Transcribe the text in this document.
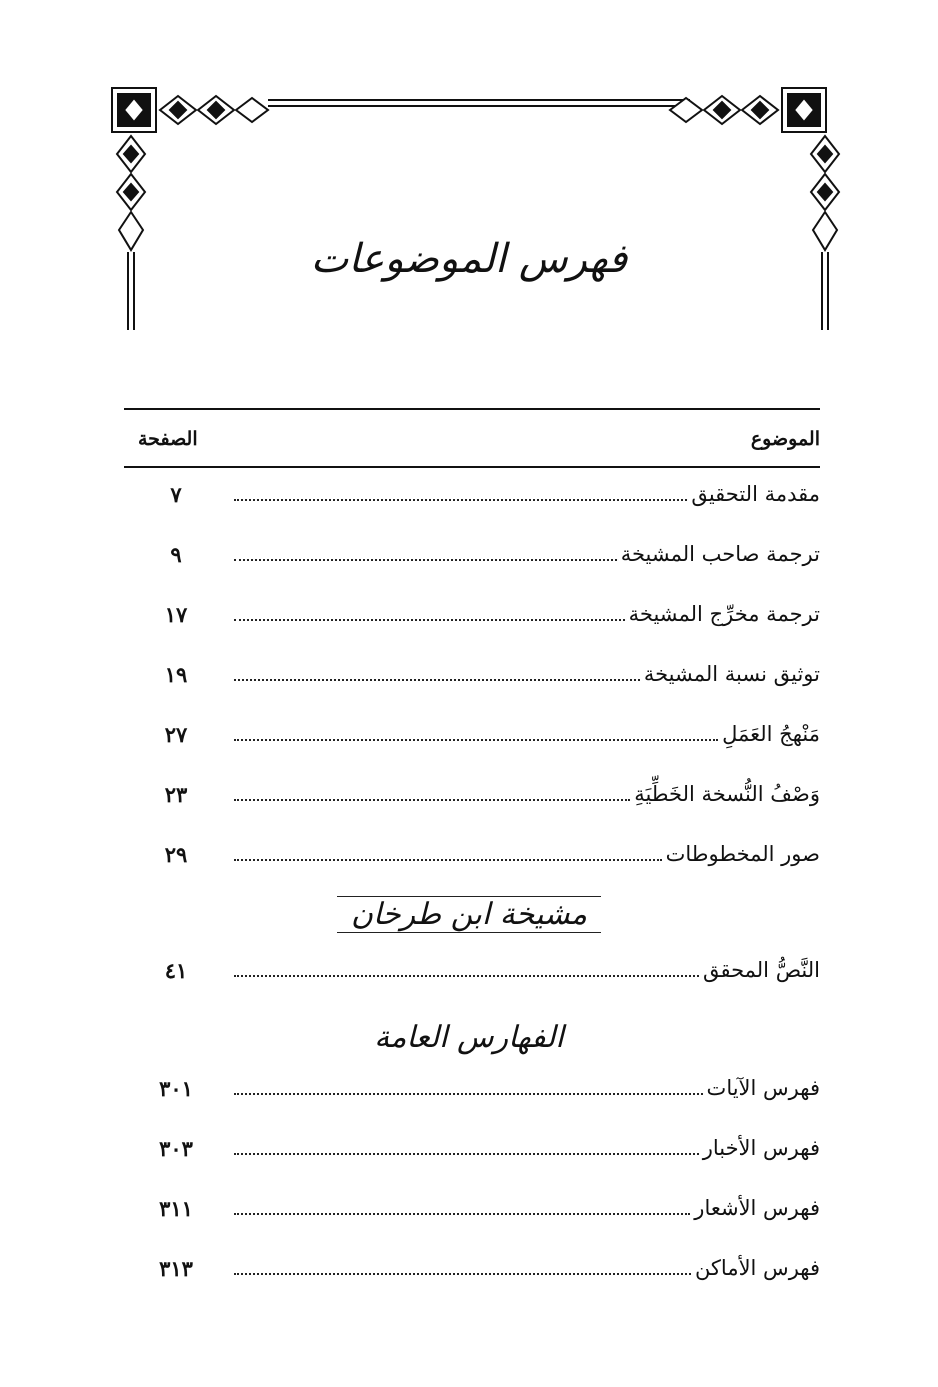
فهرس الموضوعات
الموضوع
الصفحة
مقدمة التحقيق
٧
ترجمة صاحب المشيخة
٩
ترجمة مخرِّج المشيخة
١٧
توثيق نسبة المشيخة
١٩
مَنْهجُ العَمَلِ
٢٧
وَصْفُ النُّسخة الخَطِّيَةِ
٢٣
صور المخطوطات
٢٩
مشيخة ابن طرخان
النَّصُّ المحقق
٤١
الفهارس العامة
فهرس الآيات
٣٠١
فهرس الأخبار
٣٠٣
فهرس الأشعار
٣١١
فهرس الأماكن
٣١٣
